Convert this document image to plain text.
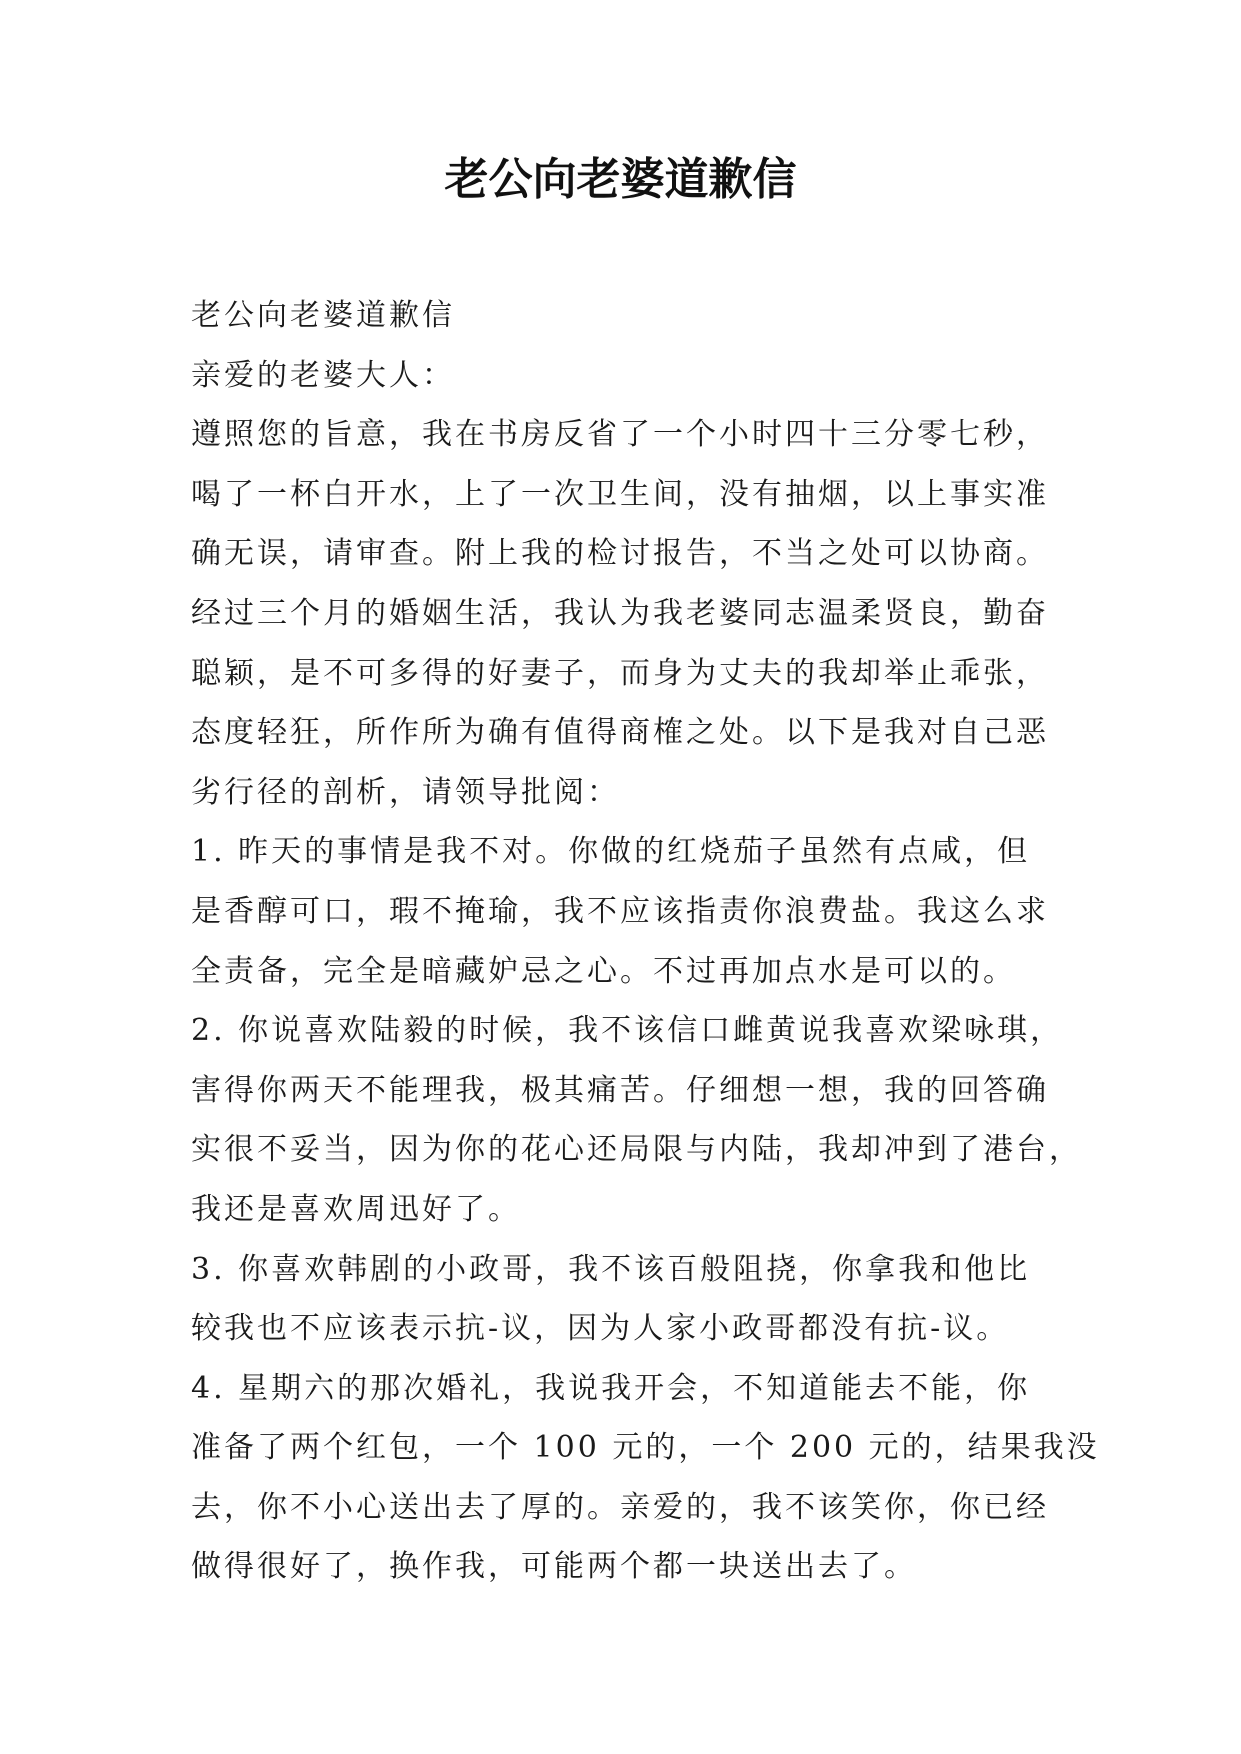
老公向老婆道歉信
老公向老婆道歉信
亲爱的老婆大人：
遵照您的旨意，我在书房反省了一个小时四十三分零七秒，
喝了一杯白开水，上了一次卫生间，没有抽烟，以上事实准
确无误，请审查。附上我的检讨报告，不当之处可以协商。
经过三个月的婚姻生活，我认为我老婆同志温柔贤良，勤奋
聪颖，是不可多得的好妻子，而身为丈夫的我却举止乖张，
态度轻狂，所作所为确有值得商榷之处。以下是我对自己恶
劣行径的剖析，请领导批阅：
1. 昨天的事情是我不对。你做的红烧茄子虽然有点咸，但
是香醇可口，瑕不掩瑜，我不应该指责你浪费盐。我这么求
全责备，完全是暗藏妒忌之心。不过再加点水是可以的。
2. 你说喜欢陆毅的时候，我不该信口雌黄说我喜欢梁咏琪，
害得你两天不能理我，极其痛苦。仔细想一想，我的回答确
实很不妥当，因为你的花心还局限与内陆，我却冲到了港台，
我还是喜欢周迅好了。
3. 你喜欢韩剧的小政哥，我不该百般阻挠，你拿我和他比
较我也不应该表示抗-议，因为人家小政哥都没有抗-议。
4. 星期六的那次婚礼，我说我开会，不知道能去不能，你
准备了两个红包，一个 100 元的，一个 200 元的，结果我没
去，你不小心送出去了厚的。亲爱的，我不该笑你，你已经
做得很好了，换作我，可能两个都一块送出去了。
